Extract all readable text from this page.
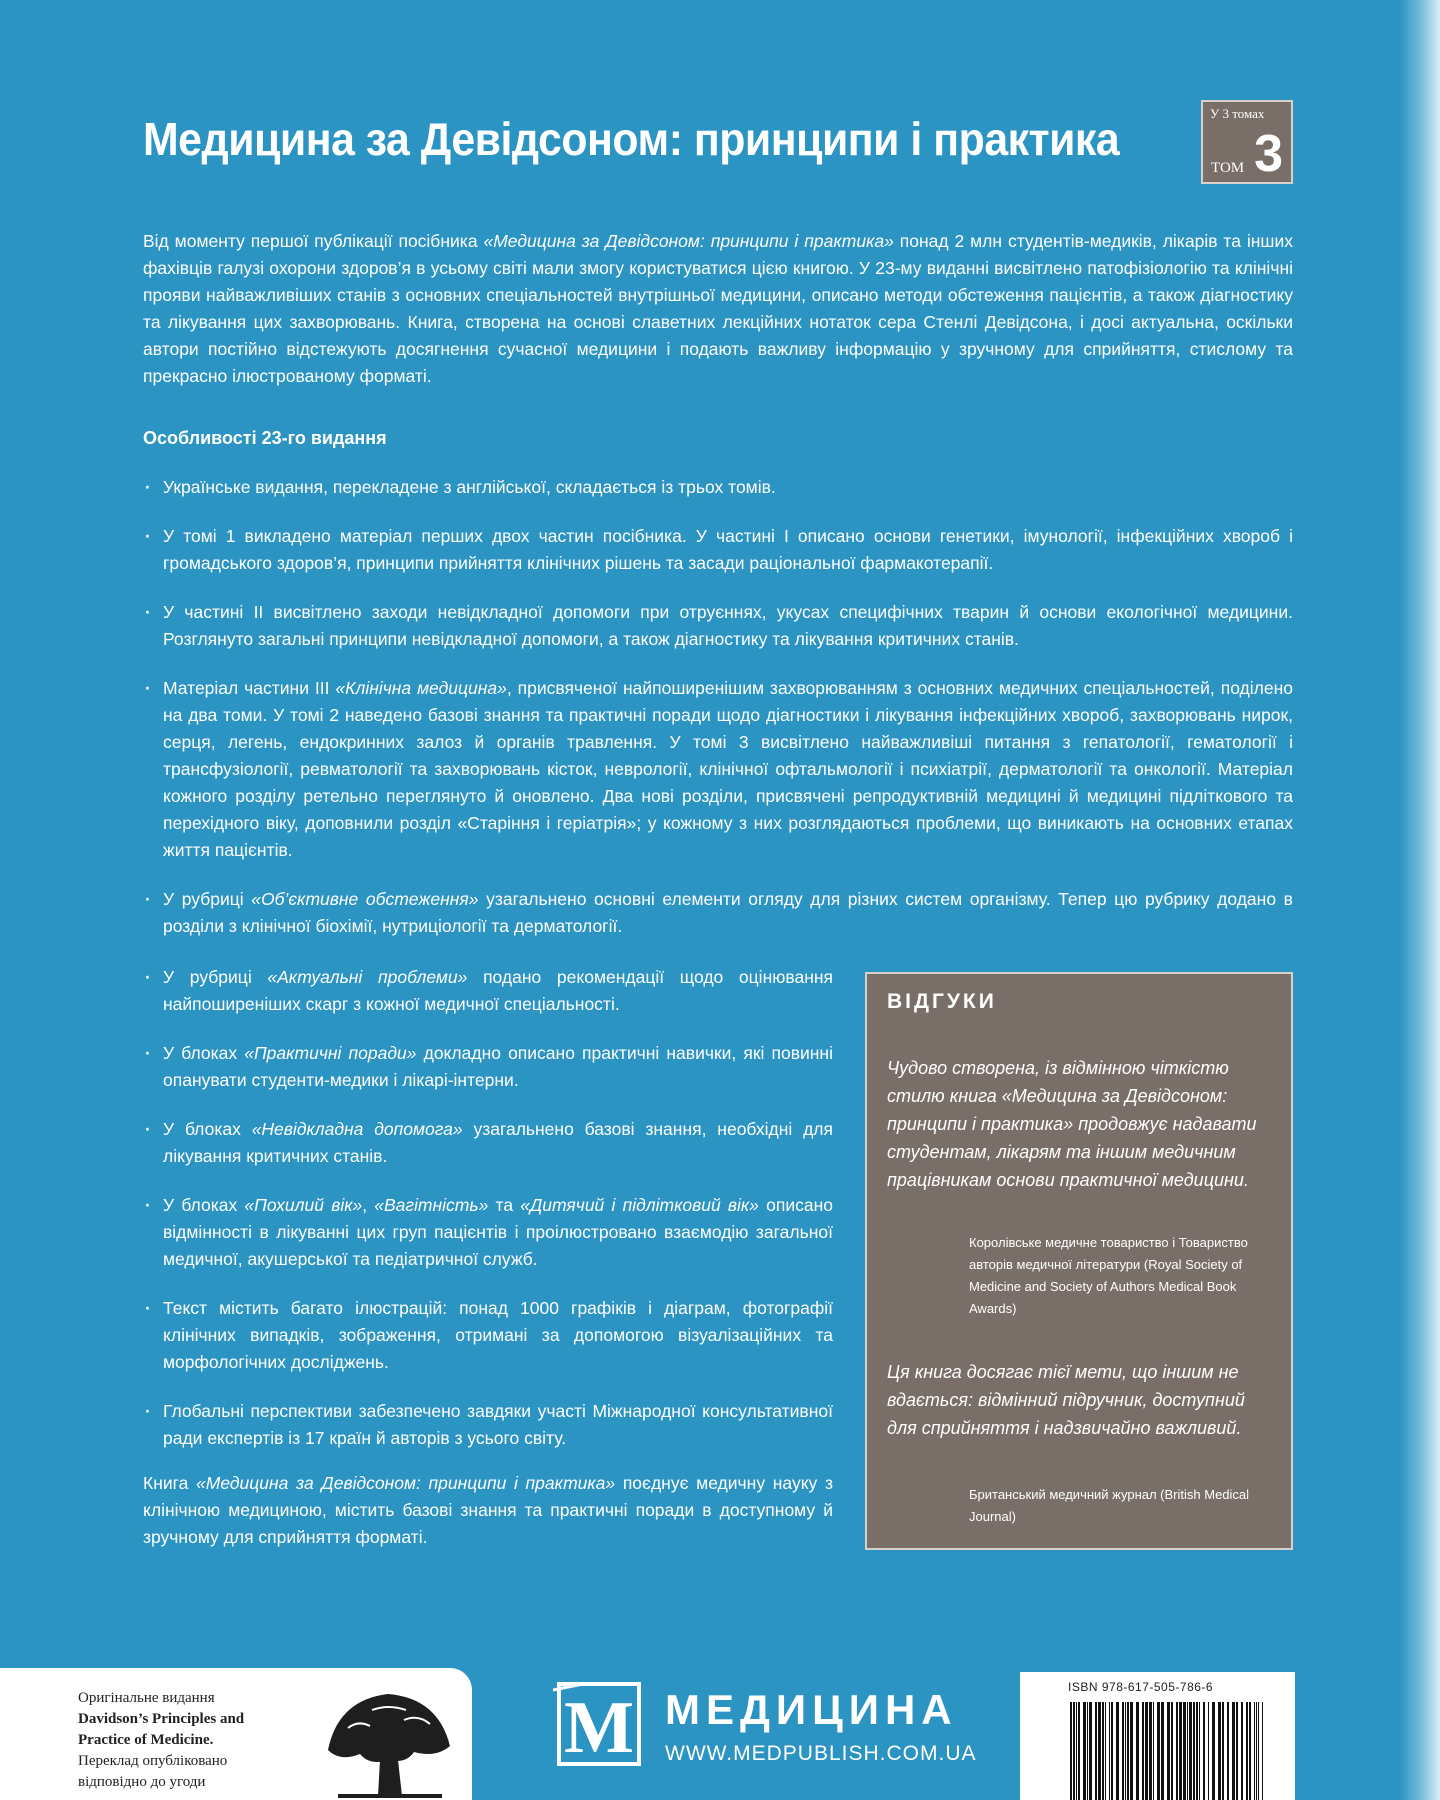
Медицина за Девідсоном: принципи і практика	У 3 томах
ТОМ 3

Від моменту першої публікації посібника «Медицина за Девідсоном: принципи і практика» понад 2 млн студентів-медиків, лікарів та інших фахівців галузі охорони здоров’я в усьому світі мали змогу користуватися цією книгою. У 23-му виданні висвітлено патофізіологію та клінічні прояви найважливіших станів з основних спеціальностей внутрішньої медицини, описано методи обстеження пацієнтів, а також діагностику та лікування цих захворювань. Книга, створена на основі славетних лекційних нотаток сера Стенлі Девідсона, і досі актуальна, оскільки автори постійно відстежують досягнення сучасної медицини і подають важливу інформацію у зручному для сприйняття, стислому та прекрасно ілюстрованому форматі.

Особливості 23-го видання
· Українське видання, перекладене з англійської, складається із трьох томів.
· У томі 1 викладено матеріал перших двох частин посібника. У частині I описано основи генетики, імунології, інфекційних хвороб і громадського здоров’я, принципи прийняття клінічних рішень та засади раціональної фармакотерапії.
· У частині II висвітлено заходи невідкладної допомоги при отруєннях, укусах специфічних тварин й основи екологічної медицини. Розглянуто загальні принципи невідкладної допомоги, а також діагностику та лікування критичних станів.
· Матеріал частини III «Клінічна медицина», присвяченої найпоширенішим захворюванням з основних медичних спеціальностей, поділено на два томи. У томі 2 наведено базові знання та практичні поради щодо діагностики і лікування інфекційних хвороб, захворювань нирок, серця, легень, ендокринних залоз й органів травлення. У томі 3 висвітлено найважливіші питання з гепатології, гематології і трансфузіології, ревматології та захворювань кісток, неврології, клінічної офтальмології і психіатрії, дерматології та онкології. Матеріал кожного розділу ретельно переглянуто й оновлено. Два нові розділи, присвячені репродуктивній медицині й медицині підліткового та перехідного віку, доповнили розділ «Старіння і геріатрія»; у кожному з них розглядаються проблеми, що виникають на основних етапах життя пацієнтів.
· У рубриці «Об’єктивне обстеження» узагальнено основні елементи огляду для різних систем організму. Тепер цю рубрику додано в розділи з клінічної біохімії, нутриціології та дерматології.
· У рубриці «Актуальні проблеми» подано рекомендації щодо оцінювання найпоширеніших скарг з кожної медичної спеціальності.
· У блоках «Практичні поради» докладно описано практичні навички, які повинні опанувати студенти-медики і лікарі-інтерни.
· У блоках «Невідкладна допомога» узагальнено базові знання, необхідні для лікування критичних станів.
· У блоках «Похилий вік», «Вагітність» та «Дитячий і підлітковий вік» описано відмінності в лікуванні цих груп пацієнтів і проілюстровано взаємодію загальної медичної, акушерської та педіатричної служб.
· Текст містить багато ілюстрацій: понад 1000 графіків і діаграм, фотографії клінічних випадків, зображення, отримані за допомогою візуалізаційних та морфологічних досліджень.
· Глобальні перспективи забезпечено завдяки участі Міжнародної консультативної ради експертів із 17 країн й авторів з усього світу.

Книга «Медицина за Девідсоном: принципи і практика» поєднує медичну науку з клінічною медициною, містить базові знання та практичні поради в доступному й зручному для сприйняття форматі.

ВІДГУКИ
Чудово створена, із відмінною чіткістю стилю книга «Медицина за Девідсоном: принципи і практика» продовжує надавати студентам, лікарям та іншим медичним працівникам основи практичної медицини.
Королівське медичне товариство і Товариство авторів медичної літератури (Royal Society of Medicine and Society of Authors Medical Book Awards)
Ця книга досягає тієї мети, що іншим не вдається: відмінний підручник, доступний для сприйняття і надзвичайно важливий.
Британський медичний журнал (British Medical Journal)

Оригінальне видання
Davidson’s Principles and Practice of Medicine.
Переклад опубліковано відповідно до угоди

M МЕДИЦИНА
WWW.MEDPUBLISH.COM.UA
ISBN 978-617-505-786-6
